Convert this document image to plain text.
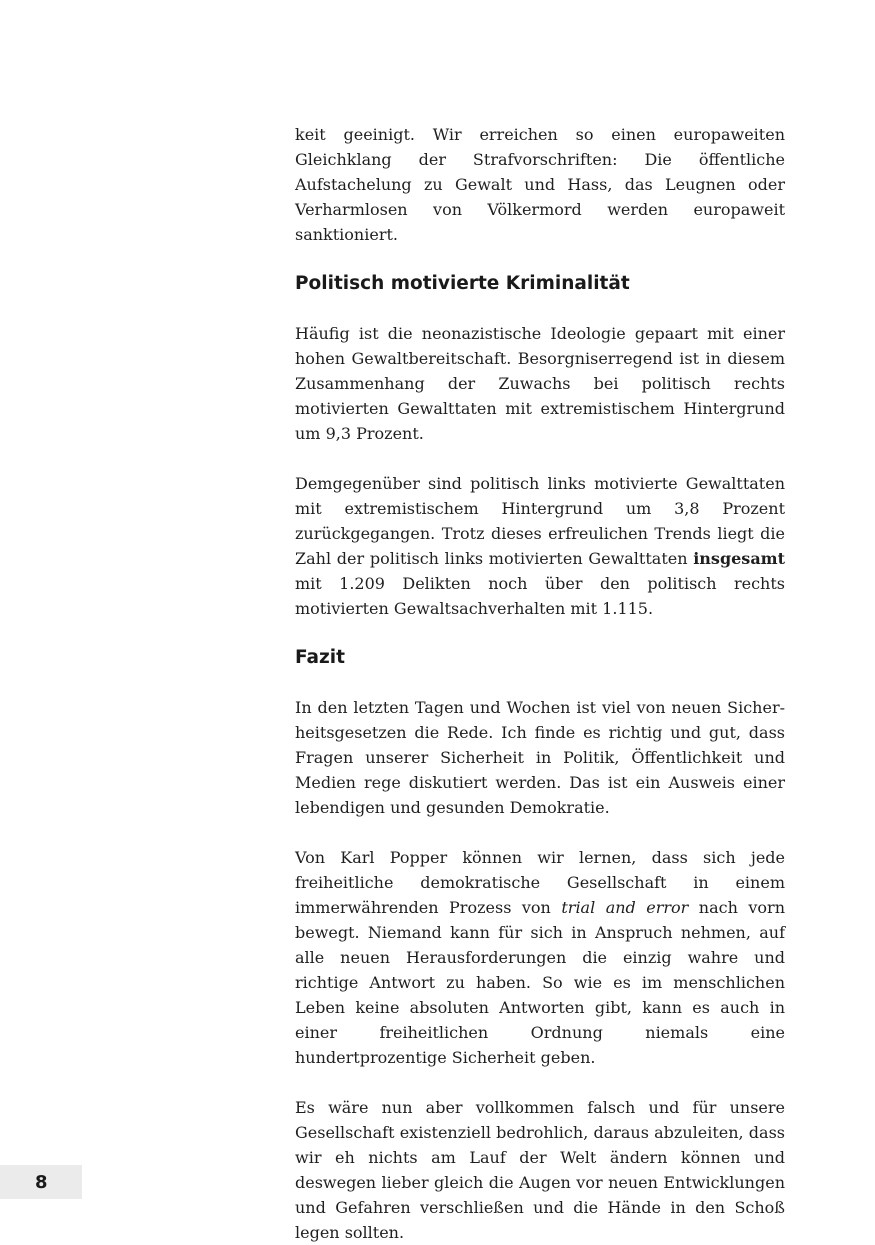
keit geeinigt. Wir erreichen so einen europaweiten Gleichklang der Strafvorschriften: Die öffentliche Aufstachelung zu Gewalt und Hass, das Leugnen oder Verharmlosen von Völkermord werden europaweit sanktioniert.

Politisch motivierte Kriminalität

Häufig ist die neonazistische Ideologie gepaart mit einer hohen Gewaltbereitschaft. Besorgniserregend ist in diesem Zusammenhang der Zuwachs bei politisch rechts motivierten Gewalttaten mit extremistischem Hintergrund um 9,3 Prozent.

Demgegenüber sind politisch links motivierte Gewalttaten mit extremistischem Hintergrund um 3,8 Prozent zurückgegangen. Trotz dieses erfreulichen Trends liegt die Zahl der politisch links motivierten Gewalttaten insgesamt mit 1.209 Delikten noch über den politisch rechts motivierten Gewaltsachverhalten mit 1.115.

Fazit

In den letzten Tagen und Wochen ist viel von neuen Sicherheitsgesetzen die Rede. Ich finde es richtig und gut, dass Fragen unserer Sicherheit in Politik, Öffentlichkeit und Medien rege diskutiert werden. Das ist ein Ausweis einer lebendigen und gesunden Demokratie.

Von Karl Popper können wir lernen, dass sich jede freiheitliche demokratische Gesellschaft in einem immerwährenden Prozess von trial and error nach vorn bewegt. Niemand kann für sich in Anspruch nehmen, auf alle neuen Herausforderungen die einzig wahre und richtige Antwort zu haben. So wie es im menschlichen Leben keine absoluten Antworten gibt, kann es auch in einer freiheitlichen Ordnung niemals eine hundertprozentige Sicherheit geben.

Es wäre nun aber vollkommen falsch und für unsere Gesellschaft existenziell bedrohlich, daraus abzuleiten, dass wir eh nichts am Lauf der Welt ändern können und deswegen lieber gleich die Augen vor neuen Entwicklungen und Gefahren verschließen und die Hände in den Schoß legen sollten.

8
